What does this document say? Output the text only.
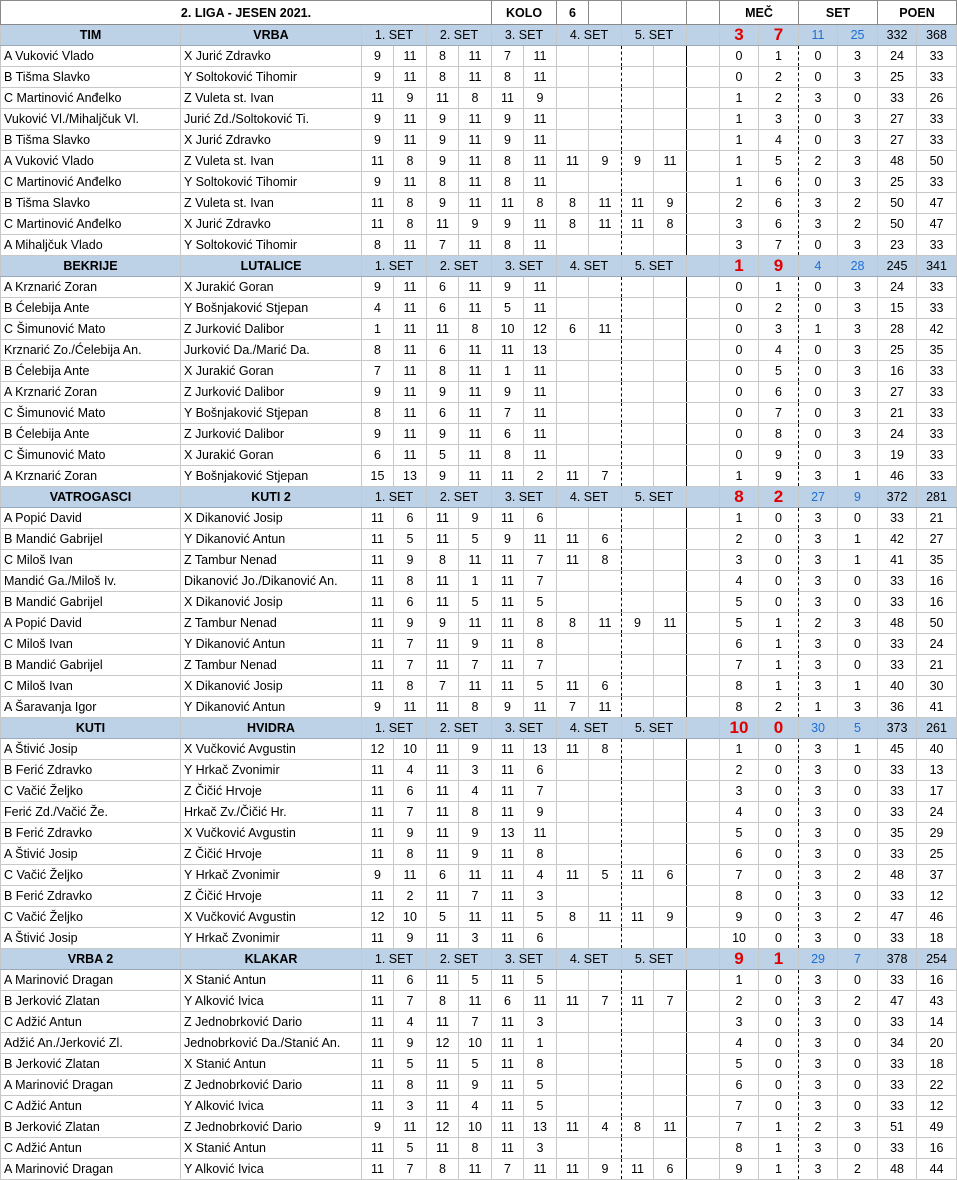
2. LIGA - JESEN 2021.						KOLO		6					MEČ		SET		POEN	
TIM	VRBA	1. SET		2. SET		3. SET		4. SET		5. SET			3	7	11	25	332	368
A Vuković Vlado	X Jurić Zdravko	9	11	8	11	7	11						0	1	0	3	24	33
B Tišma Slavko	Y Soltoković Tihomir	9	11	8	11	8	11						0	2	0	3	25	33
C Martinović Anđelko	Z Vuleta st. Ivan	11	9	11	8	11	9						1	2	3	0	33	26
Vuković Vl./Mihaljčuk Vl.	Jurić Zd./Soltoković Ti.	9	11	9	11	9	11						1	3	0	3	27	33
B Tišma Slavko	X Jurić Zdravko	9	11	9	11	9	11						1	4	0	3	27	33
A Vuković Vlado	Z Vuleta st. Ivan	11	8	9	11	8	11	11	9	9	11		1	5	2	3	48	50
C Martinović Anđelko	Y Soltoković Tihomir	9	11	8	11	8	11						1	6	0	3	25	33
B Tišma Slavko	Z Vuleta st. Ivan	11	8	9	11	11	8	8	11	11	9		2	6	3	2	50	47
C Martinović Anđelko	X Jurić Zdravko	11	8	11	9	9	11	8	11	11	8		3	6	3	2	50	47
A Mihaljčuk Vlado	Y Soltoković Tihomir	8	11	7	11	8	11						3	7	0	3	23	33
BEKRIJE	LUTALICE	1. SET		2. SET		3. SET		4. SET		5. SET			1	9	4	28	245	341
A Krznarić Zoran	X Jurakić Goran	9	11	6	11	9	11						0	1	0	3	24	33
B Ćelebija Ante	Y Bošnjaković Stjepan	4	11	6	11	5	11						0	2	0	3	15	33
C Šimunović Mato	Z Jurković Dalibor	1	11	11	8	10	12	6	11				0	3	1	3	28	42
Krznarić Zo./Ćelebija An.	Jurković Da./Marić Da.	8	11	6	11	11	13						0	4	0	3	25	35
B Ćelebija Ante	X Jurakić Goran	7	11	8	11	1	11						0	5	0	3	16	33
A Krznarić Zoran	Z Jurković Dalibor	9	11	9	11	9	11						0	6	0	3	27	33
C Šimunović Mato	Y Bošnjaković Stjepan	8	11	6	11	7	11						0	7	0	3	21	33
B Ćelebija Ante	Z Jurković Dalibor	9	11	9	11	6	11						0	8	0	3	24	33
C Šimunović Mato	X Jurakić Goran	6	11	5	11	8	11						0	9	0	3	19	33
A Krznarić Zoran	Y Bošnjaković Stjepan	15	13	9	11	11	2	11	7				1	9	3	1	46	33
VATROGASCI	KUTI 2	1. SET		2. SET		3. SET		4. SET		5. SET			8	2	27	9	372	281
A Popić David	X Dikanović Josip	11	6	11	9	11	6						1	0	3	0	33	21
B Mandić Gabrijel	Y Dikanović Antun	11	5	11	5	9	11	11	6				2	0	3	1	42	27
C Miloš Ivan	Z Tambur Nenad	11	9	8	11	11	7	11	8				3	0	3	1	41	35
Mandić Ga./Miloš Iv.	Dikanović Jo./Dikanović An.	11	8	11	1	11	7						4	0	3	0	33	16
B Mandić Gabrijel	X Dikanović Josip	11	6	11	5	11	5						5	0	3	0	33	16
A Popić David	Z Tambur Nenad	11	9	9	11	11	8	8	11	9	11		5	1	2	3	48	50
C Miloš Ivan	Y Dikanović Antun	11	7	11	9	11	8						6	1	3	0	33	24
B Mandić Gabrijel	Z Tambur Nenad	11	7	11	7	11	7						7	1	3	0	33	21
C Miloš Ivan	X Dikanović Josip	11	8	7	11	11	5	11	6				8	1	3	1	40	30
A Šaravanja Igor	Y Dikanović Antun	9	11	11	8	9	11	7	11				8	2	1	3	36	41
KUTI	HVIDRA	1. SET		2. SET		3. SET		4. SET		5. SET			10	0	30	5	373	261
A Štivić Josip	X Vučković Avgustin	12	10	11	9	11	13	11	8				1	0	3	1	45	40
B Ferić Zdravko	Y Hrkač Zvonimir	11	4	11	3	11	6						2	0	3	0	33	13
C Vačić Željko	Z Čičić Hrvoje	11	6	11	4	11	7						3	0	3	0	33	17
Ferić Zd./Vačić Že.	Hrkač Zv./Čičić Hr.	11	7	11	8	11	9						4	0	3	0	33	24
B Ferić Zdravko	X Vučković Avgustin	11	9	11	9	13	11						5	0	3	0	35	29
A Štivić Josip	Z Čičić Hrvoje	11	8	11	9	11	8						6	0	3	0	33	25
C Vačić Željko	Y Hrkač Zvonimir	9	11	6	11	11	4	11	5	11	6		7	0	3	2	48	37
B Ferić Zdravko	Z Čičić Hrvoje	11	2	11	7	11	3						8	0	3	0	33	12
C Vačić Željko	X Vučković Avgustin	12	10	5	11	11	5	8	11	11	9		9	0	3	2	47	46
A Štivić Josip	Y Hrkač Zvonimir	11	9	11	3	11	6						10	0	3	0	33	18
VRBA 2	KLAKAR	1. SET		2. SET		3. SET		4. SET		5. SET			9	1	29	7	378	254
A Marinović Dragan	X Stanić Antun	11	6	11	5	11	5						1	0	3	0	33	16
B Jerković Zlatan	Y Alković Ivica	11	7	8	11	6	11	11	7	11	7		2	0	3	2	47	43
C Adžić Antun	Z Jednobrković Dario	11	4	11	7	11	3						3	0	3	0	33	14
Adžić An./Jerković Zl.	Jednobrković Da./Stanić An.	11	9	12	10	11	1						4	0	3	0	34	20
B Jerković Zlatan	X Stanić Antun	11	5	11	5	11	8						5	0	3	0	33	18
A Marinović Dragan	Z Jednobrković Dario	11	8	11	9	11	5						6	0	3	0	33	22
C Adžić Antun	Y Alković Ivica	11	3	11	4	11	5						7	0	3	0	33	12
B Jerković Zlatan	Z Jednobrković Dario	9	11	12	10	11	13	11	4	8	11		7	1	2	3	51	49
C Adžić Antun	X Stanić Antun	11	5	11	8	11	3						8	1	3	0	33	16
A Marinović Dragan	Y Alković Ivica	11	7	8	11	7	11	11	9	11	6		9	1	3	2	48	44
